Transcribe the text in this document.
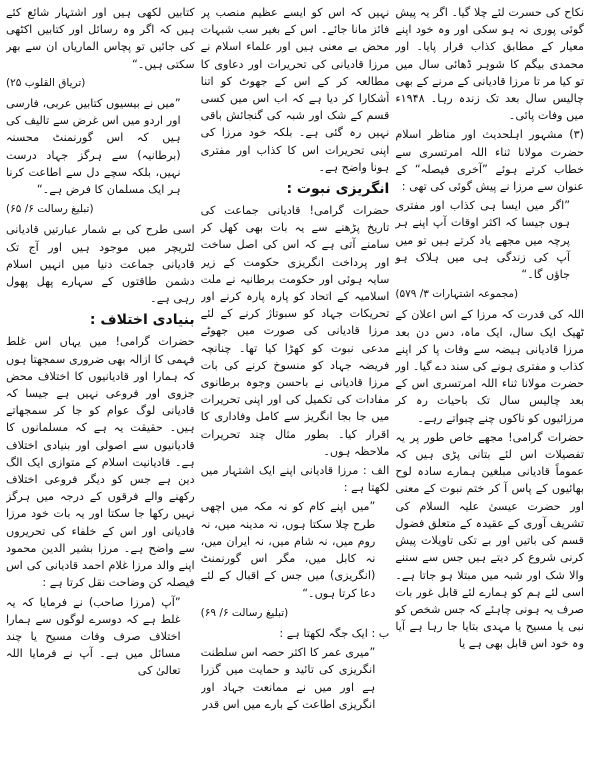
نکاح کی حسرت لئے چلا گیا۔ اگر یہ پیش گوئی پوری نہ ہو سکی اور وہ خود اپنے معیار کے مطابق کذاب قرار پایا۔ اور محمدی بیگم کا شوہر ڈھائی سال میں تو کیا مر تا مرزا قادیانی کے مرنے کے بھی چالیس سال بعد تک زندہ رہا۔ ۱۹۴۸ء میں وفات پائی۔

(۳) مشہور اہلحدیث اور مناظر اسلام حضرت مولانا ثناء اللہ امرتسری سے خطاب کرتے ہوئے ”آخری فیصلہ“ کے عنوان سے مرزا نے پیش گوئی کی تھی :

”اگر میں ایسا ہی کذاب اور مفتری ہوں جیسا کہ اکثر اوقات آپ اپنے ہر پرچہ میں مجھے یاد کرتے ہیں تو میں آپ کی زندگی ہی میں ہلاک ہو جاؤں گا۔“

(مجموعہ اشتہارات ۳/ ۵۷۹)

اللہ کی قدرت کہ مرزا کے اس اعلان کے ٹھیک ایک سال، ایک ماہ، دس دن بعد مرزا قادیانی ہیضہ سے وفات پا کر اپنے کذاب و مفتری ہونے کی سند دے گیا۔ اور حضرت مولانا ثناء اللہ امرتسری اس کے بعد چالیس سال تک باحیات رہ کر مرزائیوں کو ناکوں چنے چبواتے رہے۔

حضرات گرامی! مجھے خاص طور پر یہ تفصیلات اس لئے بتانی پڑی ہیں کہ عموماً قادیانی مبلغین ہمارے سادہ لوح بھائیوں کے پاس آ کر ختم نبوت کے معنی اور حضرت عیسیٰ علیہ السلام کی تشریف آوری کے عقیدہ کے متعلق فضول قسم کی باتیں اور بے تکی تاویلات پیش کرنی شروع کر دیتے ہیں جس سے سننے والا شک اور شبہ میں مبتلا ہو جاتا ہے۔ اسی لئے ہم کو ہمارے لئے قابل غور بات صرف یہ ہونی چاہئے کہ جس شخص کو نبی یا مسیح یا مہدی بتایا جا رہا ہے آیا وہ خود اس قابل بھی ہے یا

نہیں کہ اس کو ایسے عظیم منصب پر فائز مانا جائے۔ اس کے بغیر سب شبہات محض بے معنی ہیں اور علماء اسلام نے مرزا قادیانی کی تحریرات اور دعاوی کا مطالعہ کر کے اس کے جھوٹ کو اتنا آشکارا کر دیا ہے کہ اب اس میں کسی قسم کے شک اور شبہ کی گنجائش باقی نہیں رہ گئی ہے۔ بلکہ خود مرزا کی اپنی تحریرات اس کا کذاب اور مفتری ہونا واضح ہے۔

انگریزی نبوت :

حضرات گرامی! قادیانی جماعت کی تاریخ پڑھنے سے یہ بات بھی کھل کر سامنے آتی ہے کہ اس کی اصل ساخت اور پرداخت انگریزی حکومت کے زیر سایہ ہوئی اور حکومت برطانیہ نے ملت اسلامیہ کے اتحاد کو پارہ پارہ کرنے اور تحریکات جہاد کو سبوتاژ کرنے کے لئے مرزا قادیانی کی صورت میں جھوٹے مدعی نبوت کو کھڑا کیا تھا۔ چنانچہ فریضہ جہاد کو منسوخ کرنے کی بات مرزا قادیانی نے باحسن وجوہ برطانوی مفادات کی تکمیل کی اور اپنی تحریرات میں جا بجا انگریز سے کامل وفاداری کا اقرار کیا۔ بطور مثال چند تحریرات ملاحظہ ہوں۔

الف : مرزا قادیانی اپنے ایک اشتہار میں لکھتا ہے :

”میں اپنے کام کو نہ مکہ میں اچھی طرح چلا سکتا ہوں، نہ مدینہ میں، نہ روم میں، نہ شام میں، نہ ایران میں، نہ کابل میں، مگر اس گورنمنٹ (انگریزی) میں جس کے اقبال کے لئے دعا کرتا ہوں۔“

(تبلیغ رسالت ۶/ ۶۹)

ب : ایک جگہ لکھتا ہے :

”میری عمر کا اکثر حصہ اس سلطنت انگریزی کی تائید و حمایت میں گزرا ہے اور میں نے ممانعت جہاد اور انگریزی اطاعت کے بارے میں اس قدر

کتابیں لکھی ہیں اور اشتہار شائع کئے ہیں کہ اگر وہ رسائل اور کتابیں اکٹھی کی جائیں تو پچاس الماریاں ان سے بھر سکتی ہیں۔“

(تریاق القلوب ۲۵)

”میں نے بیسیوں کتابیں عربی، فارسی اور اردو میں اس غرض سے تالیف کی ہیں کہ اس گورنمنٹ محسنہ (برطانیہ) سے ہرگز جہاد درست نہیں، بلکہ سچے دل سے اطاعت کرنا ہر ایک مسلمان کا فرض ہے۔“

(تبلیغ رسالت ۶/ ۶۵)

اسی طرح کی بے شمار عبارتیں قادیانی لٹریچر میں موجود ہیں اور آج تک قادیانی جماعت دنیا میں انہیں اسلام دشمن طاقتوں کے سہارے پھل پھول رہی ہے۔

بنیادی اختلاف :

حضرات گرامی! میں یہاں اس غلط فہمی کا ازالہ بھی ضروری سمجھتا ہوں کہ ہمارا اور قادیانیوں کا اختلاف محض جزوی اور فروعی نہیں ہے جیسا کہ قادیانی لوگ عوام کو جا کر سمجھاتے ہیں۔ حقیقت یہ ہے کہ مسلمانوں کا قادیانیوں سے اصولی اور بنیادی اختلاف ہے۔ قادیانیت اسلام کے متوازی ایک الگ دین ہے جس کو دیگر فروعی اختلاف رکھنے والے فرقوں کے درجہ میں ہرگز نہیں رکھا جا سکتا اور یہ بات خود مرزا قادیانی اور اس کے خلفاء کی تحریروں سے واضح ہے۔ مرزا بشیر الدین محمود اپنے والد مرزا غلام احمد قادیانی کی اس فیصلہ کن وضاحت نقل کرتا ہے :

”آپ (مرزا صاحب) نے فرمایا کہ یہ غلط ہے کہ دوسرے لوگوں سے ہمارا اختلاف صرف وفات مسیح یا چند مسائل میں ہے۔ آپ نے فرمایا اللہ تعالیٰ کی
